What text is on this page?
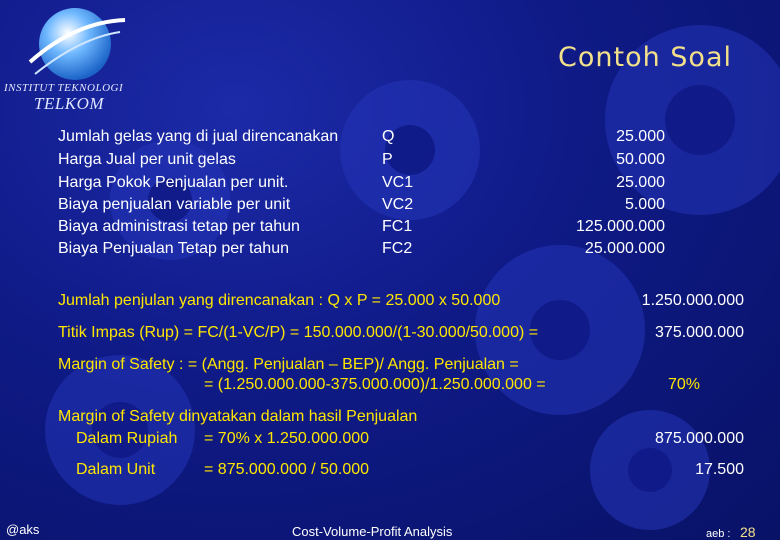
INSTITUT TEKNOLOGI
TELKOM
Contoh Soal
Jumlah gelas yang di jual direncanakan	Q	25.000
Harga Jual per unit gelas	P	50.000
Harga Pokok Penjualan per unit.	VC1	25.000
Biaya penjualan variable per unit	VC2	5.000
Biaya administrasi tetap per tahun	FC1	125.000.000
Biaya Penjualan Tetap per tahun	FC2	25.000.000
Jumlah penjulan yang direncanakan : Q x P = 25.000 x 50.000	1.250.000.000
Titik Impas (Rup) = FC/(1-VC/P) = 150.000.000/(1-30.000/50.000) =	375.000.000
Margin of Safety : = (Angg. Penjualan – BEP)/ Angg. Penjualan =
= (1.250.000.000-375.000.000)/1.250.000.000 =	70%
Margin of Safety dinyatakan dalam hasil Penjualan
Dalam Rupiah = 70% x 1.250.000.000	875.000.000
Dalam Unit	= 875.000.000 / 50.000	17.500
@aks	Cost-Volume-Profit Analysis	aeb : 28
